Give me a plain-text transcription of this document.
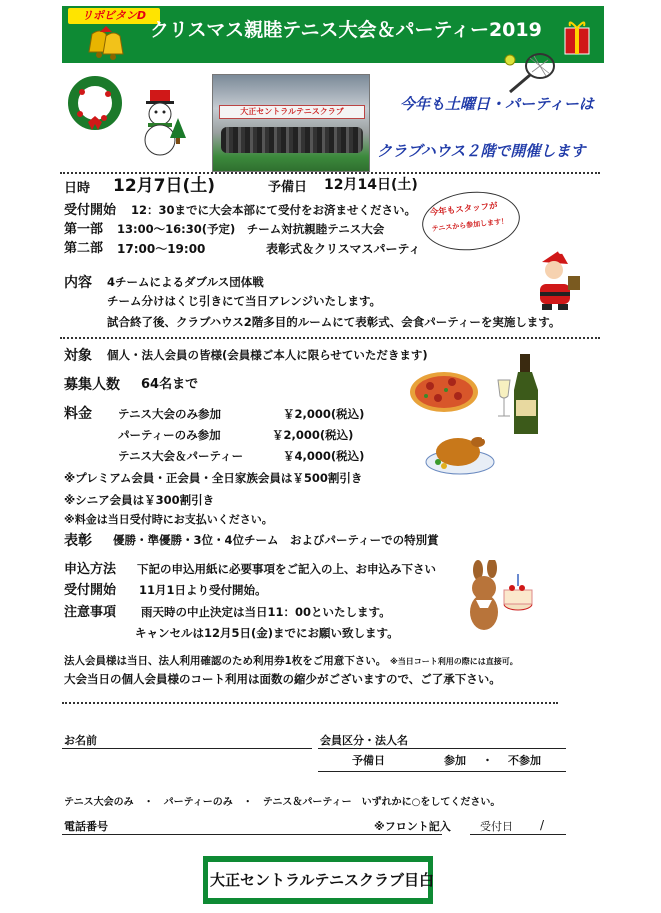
リポビタンD
クリスマス親睦テニス大会＆パーティー2019
大正セントラルテニスクラブ	今年も土曜日・パーティーは
クラブハウス２階で開催します
日時 12月7日(土)	予備日 12月14日(土)
受付開始 12：30までに大会本部にて受付をお済ませください。
第一部 13:00～16:30(予定)　チーム対抗親睦テニス大会
第二部 17:00～19:00	表彰式＆クリスマスパーティ
今年もスタッフが
テニスから参加します！
内容 4チームによるダブルス団体戦
チーム分けはくじ引きにて当日アレンジいたします。
試合終了後、クラブハウス2階多目的ルームにて表彰式、会食パーティーを実施します。
対象 個人・法人会員の皆様(会員様ご本人に限らせていただきます)
募集人数 64名まで
料金 テニス大会のみ参加	￥2,000(税込)
パーティーのみ参加	￥2,000(税込)
テニス大会＆パーティー	￥4,000(税込)
※プレミアム会員・正会員・全日家族会員は￥500割引き
※シニア会員は￥300割引き
※料金は当日受付時にお支払いください。
表彰 優勝・準優勝・3位・4位チーム　およびパーティーでの特別賞
申込方法 下記の申込用紙に必要事項をご記入の上、お申込み下さい
受付開始 11月1日より受付開始。
注意事項 雨天時の中止決定は当日11：00といたします。
キャンセルは12月5日(金)までにお願い致します。
法人会員様は当日、法人利用確認のため利用券1枚をご用意下さい。 ※当日コート利用の際には直接可。
大会当日の個人会員様のコート利用は面数の縮少がございますので、ご了承下さい。
お名前	会員区分・法人名
予備日	参加 ・ 不参加
テニス大会のみ　・　パーティーのみ　・　テニス＆パーティー　いずれかに○をしてください。
電話番号	※フロント記入	受付日 /
大正セントラルテニスクラブ目白
